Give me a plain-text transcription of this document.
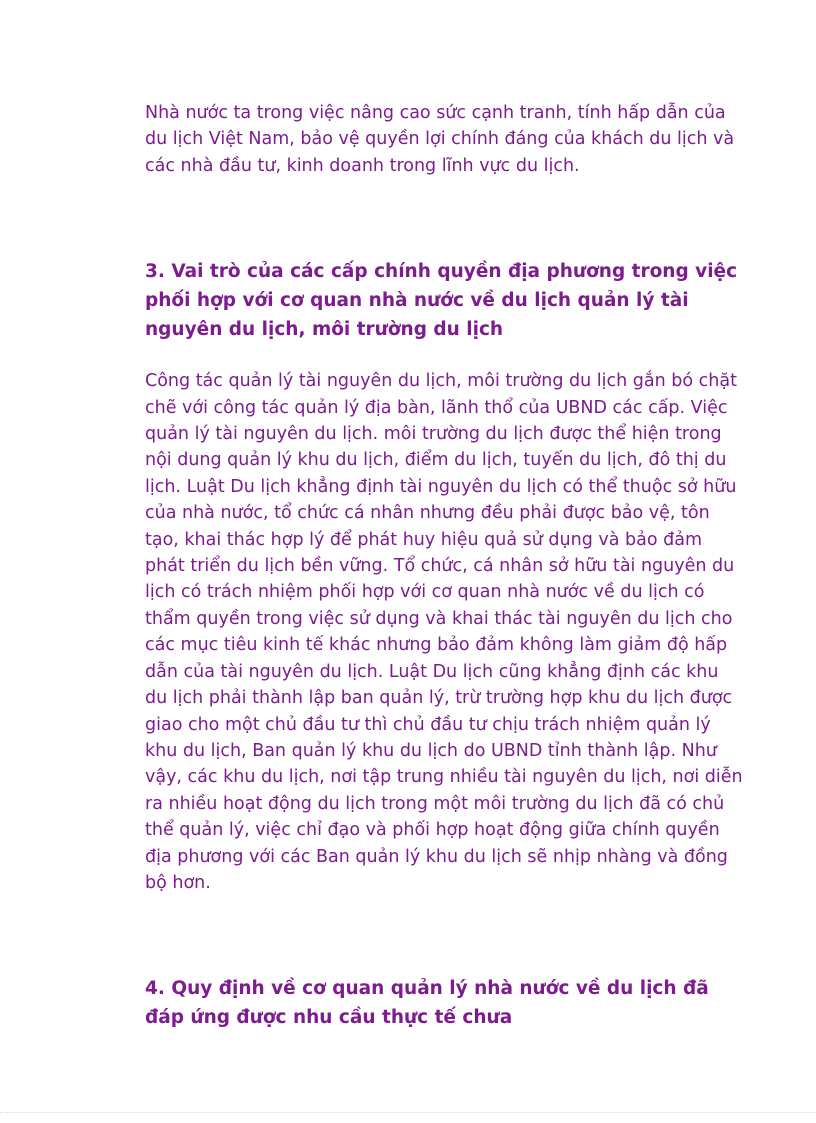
Nhà nước ta trong việc nâng cao sức cạnh tranh, tính hấp dẫn của du lịch Việt Nam, bảo vệ quyền lợi chính đáng của khách du lịch và các nhà đầu tư, kinh doanh trong lĩnh vực du lịch.

3. Vai trò của các cấp chính quyền địa phương trong việc phối hợp với cơ quan nhà nước về du lịch quản lý tài nguyên du lịch, môi trường du lịch

Công tác quản lý tài nguyên du lịch, môi trường du lịch gắn bó chặt chẽ với công tác quản lý địa bàn, lãnh thổ của UBND các cấp. Việc quản lý tài nguyên du lịch. môi trường du lịch được thể hiện trong nội dung quản lý khu du lịch, điểm du lịch, tuyến du lịch, đô thị du lịch. Luật Du lịch khẳng định tài nguyên du lịch có thể thuộc sở hữu của nhà nước, tổ chức cá nhân nhưng đều phải được bảo vệ, tôn tạo, khai thác hợp lý để phát huy hiệu quả sử dụng và bảo đảm phát triển du lịch bền vững. Tổ chức, cá nhân sở hữu tài nguyên du lịch có trách nhiệm phối hợp với cơ quan nhà nước về du lịch có thẩm quyền trong việc sử dụng và khai thác tài nguyên du lịch cho các mục tiêu kinh tế khác nhưng bảo đảm không làm giảm độ hấp dẫn của tài nguyên du lịch. Luật Du lịch cũng khẳng định các khu du lịch phải thành lập ban quản lý, trừ trường hợp khu du lịch được giao cho một chủ đầu tư thì chủ đầu tư chịu trách nhiệm quản lý khu du lịch, Ban quản lý khu du lịch do UBND tỉnh thành lập. Như vậy, các khu du lịch, nơi tập trung nhiều tài nguyên du lịch, nơi diễn ra nhiều hoạt động du lịch trong một môi trường du lịch đã có chủ thể quản lý, việc chỉ đạo và phối hợp hoạt động giữa chính quyền địa phương với các Ban quản lý khu du lịch sẽ nhịp nhàng và đồng bộ hơn.

4. Quy định về cơ quan quản lý nhà nước về du lịch đã đáp ứng được nhu cầu thực tế chưa
